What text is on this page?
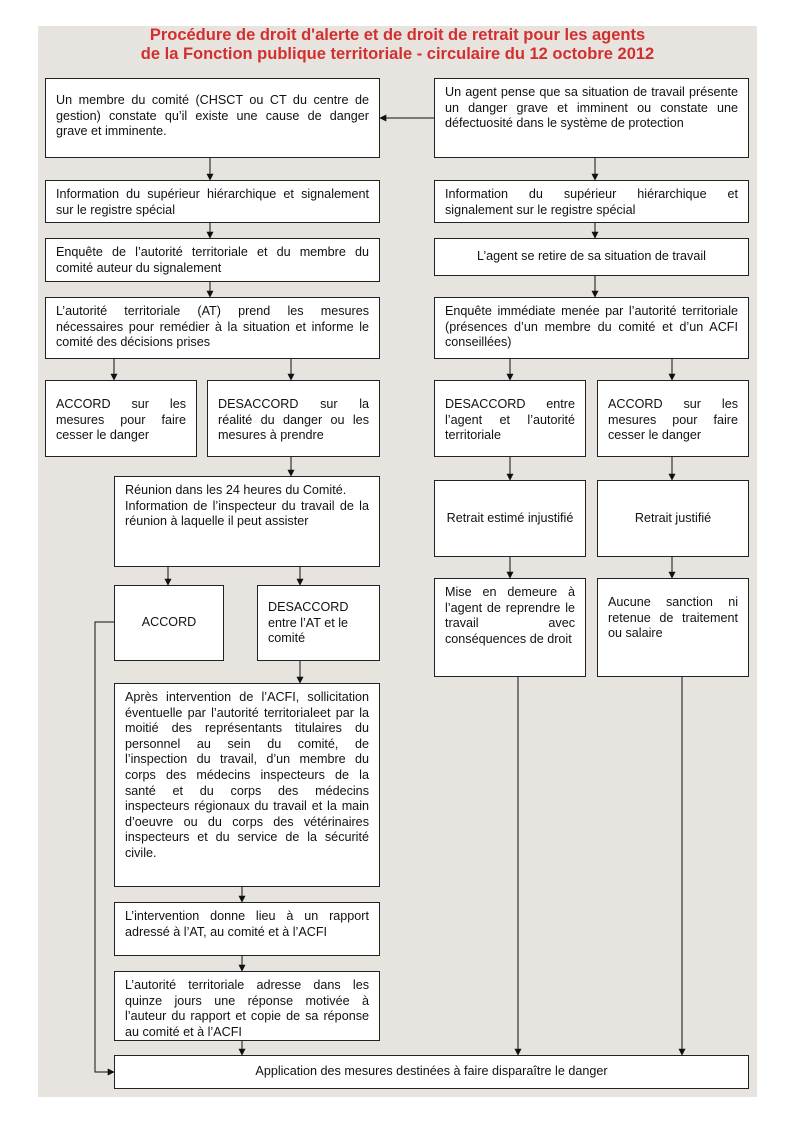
Procédure de droit d'alerte et de droit de retrait pour les agents
de la Fonction publique territoriale - circulaire du 12 octobre 2012
Un membre du comité (CHSCT ou CT du centre de gestion) constate qu’il existe une cause de danger grave et imminente.
Information du supérieur hiérarchique et signalement sur le registre spécial
Enquête de l’autorité territoriale et du membre du comité auteur du signalement
L’autorité territoriale (AT) prend les mesures nécessaires pour remédier à la situation et informe le comité des décisions prises
ACCORD sur les mesures pour faire cesser le danger
DESACCORD sur la réalité du danger ou les mesures à prendre
Réunion dans les 24 heures du Comité.
Information de l’inspecteur du travail de la réunion à laquelle il peut assister
ACCORD
DESACCORD entre l’AT et le comité
Après intervention de l’ACFI, sollicitation éventuelle par l’autorité territorialeet par la moitié des représentants titulaires du personnel au sein du comité, de l’inspection du travail, d’un membre du corps des médecins inspecteurs de la santé et du corps des médecins inspecteurs régionaux du travail et la main d’oeuvre ou du corps des vétérinaires inspecteurs et du service de la sécurité civile.
L’intervention donne lieu à un rapport adressé à l’AT, au comité et à l’ACFI
L’autorité territoriale adresse dans les quinze jours une réponse motivée à l’auteur du rapport et copie de sa réponse au comité et à l’ACFI
Un agent pense que sa situation de travail présente un danger grave et imminent ou constate une défectuosité dans le système de protection
Information du supérieur hiérarchique et signalement sur le registre spécial
L’agent se retire de sa situation de travail
Enquête immédiate menée par l’autorité territoriale (présences d’un membre du comité et d’un ACFI conseillées)
DESACCORD entre l’agent et l’autorité territoriale
ACCORD sur les mesures pour faire cesser le danger
Retrait estimé injustifié	Retrait justifié
Mise en demeure à l’agent de reprendre le travail avec conséquences de droit
Aucune sanction ni retenue de traitement ou salaire
Application des mesures destinées à faire disparaître le danger
